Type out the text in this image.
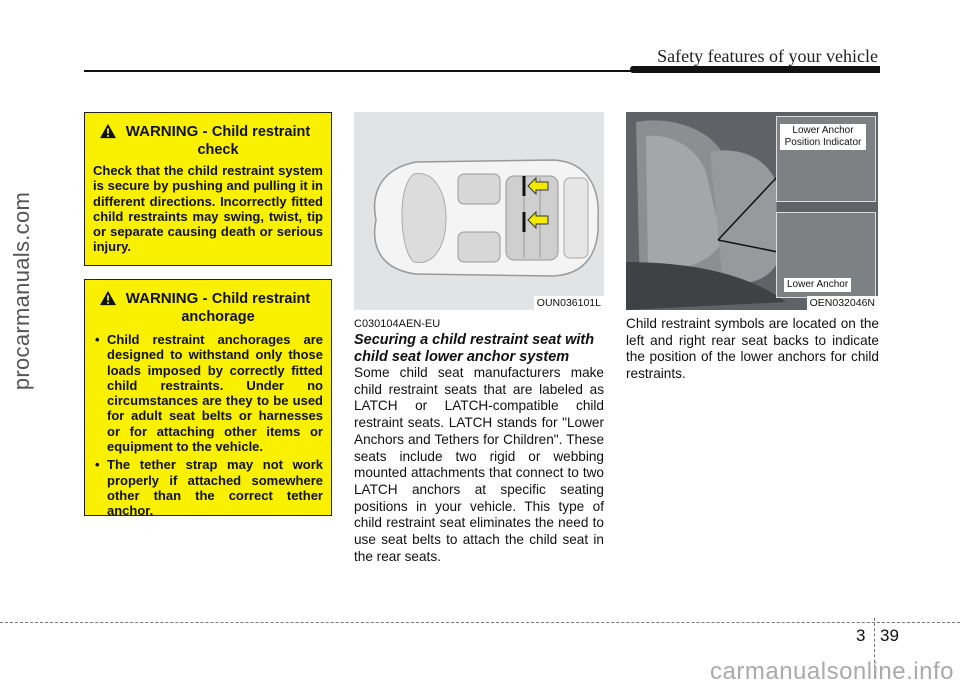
Safety features of your vehicle
procarmanuals.com
WARNING - Child restraint
check
Check that the child restraint system is secure by pushing and pulling it in different directions. Incorrectly fitted child restraints may swing, twist, tip or separate causing death or serious injury.
WARNING - Child restraint
anchorage
• Child restraint anchorages are designed to withstand only those loads imposed by correctly fitted child restraints. Under no circumstances are they to be used for adult seat belts or harnesses or for attaching other items or equipment to the vehicle.
• The tether strap may not work properly if attached somewhere other than the correct tether anchor.
OUN036101L
Lower Anchor
Position Indicator
Lower Anchor
OEN032046N
C030104AEN-EU
Securing a child restraint seat with child seat lower anchor system
Some child seat manufacturers make child restraint seats that are labeled as LATCH or LATCH-compatible child restraint seats. LATCH stands for "Lower Anchors and Tethers for Children". These seats include two rigid or webbing mounted attachments that connect to two LATCH anchors at specific seating positions in your vehicle. This type of child restraint seat eliminates the need to use seat belts to attach the child seat in the rear seats.
Child restraint symbols are located on the left and right rear seat backs to indicate the position of the lower anchors for child restraints.
3 39
carmanualsonline.info
